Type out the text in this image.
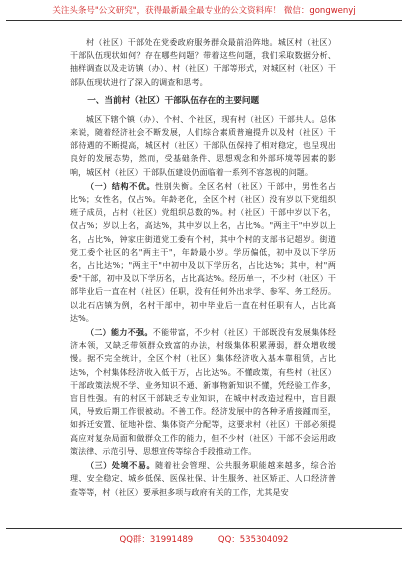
关注头条号"公文研究"，获得最新最全最专业的公文资料库！ 微信：gongwenyj

村（社区）干部处在党委政府服务群众最前沿阵地。城区村（社区）干部队伍现状如何？存在哪些问题？带着这些问题，我们采取数据分析、抽样调查以及走访镇（办）、村（社区）干部等形式，对城区村（社区）干部队伍现状进行了深入的调查和思考。

一、当前村（社区）干部队伍存在的主要问题

城区下辖个镇（办）、个村、个社区，现有村（社区）干部共人。总体来说，随着经济社会不断发展，人们综合素质普遍提升以及村（社区）干部待遇的不断提高，城区村（社区）干部队伍保持了相对稳定，也呈现出良好的发展态势，然而，受基础条件、思想观念和外部环境等因素的影响，城区村（社区）干部队伍建设仍面临着一系列不容忽视的问题。

（一）结构不优。性别失衡。全区名村（社区）干部中，男性名占比%；女性名，仅占%。年龄老化，全区个村（社区）没有岁以下党组织班子成员，占村（社区）党组织总数的%。村（社区）干部中岁以下名，仅占%；岁以上名，高达%，其中岁以上名，占比%。"两主干"中岁以上名，占比%，钟家庄街道党工委有个村，其中个村的支部书记超岁。街道党工委个社区的名"两主干"，年龄最小岁。学历偏低，初中及以下学历名，占比达%；"两主干"中初中及以下学历名，占比达%；其中，村"两委"干部，初中及以下学历名，占比高达%。经历单一，不少村（社区）干部毕业后一直在村（社区）任职，没有任何外出求学、参军、务工经历。以北石店镇为例，名村干部中，初中毕业后一直在村任职有人，占比高达%。

（二）能力不强。不能带富，不少村（社区）干部既没有发展集体经济本领，又缺乏带领群众致富的办法，村级集体积累薄弱，群众增收缓慢。据不完全统计，全区个村（社区）集体经济收入基本靠租赁，占比达%，个村集体经济收入低于万，占比达%。不懂政策，有些村（社区）干部政策法规不学、业务知识不通、新事物新知识不懂，凭经验工作多，盲目性强。有的村区干部缺乏专业知识，在城中村改造过程中，盲目跟风，导致后期工作很被动。不善工作。经济发展中的各种矛盾接踵而至，如拆迁安置、征地补偿、集体资产分配等，这要求村（社区）干部必须提高应对复杂局面和做群众工作的能力，但不少村（社区）干部不会运用政策法律、示范引导、思想宣传等综合手段推动工作。

（三）处境不易。随着社会管理、公共服务职能越来越多，综合治理、安全稳定、城乡低保、医保社保、计生服务、社区矫正、人口经济普查等等，村（社区）要承担多项与政府有关的工作，尤其是安

QQ群：31991489	QQ：535304092
